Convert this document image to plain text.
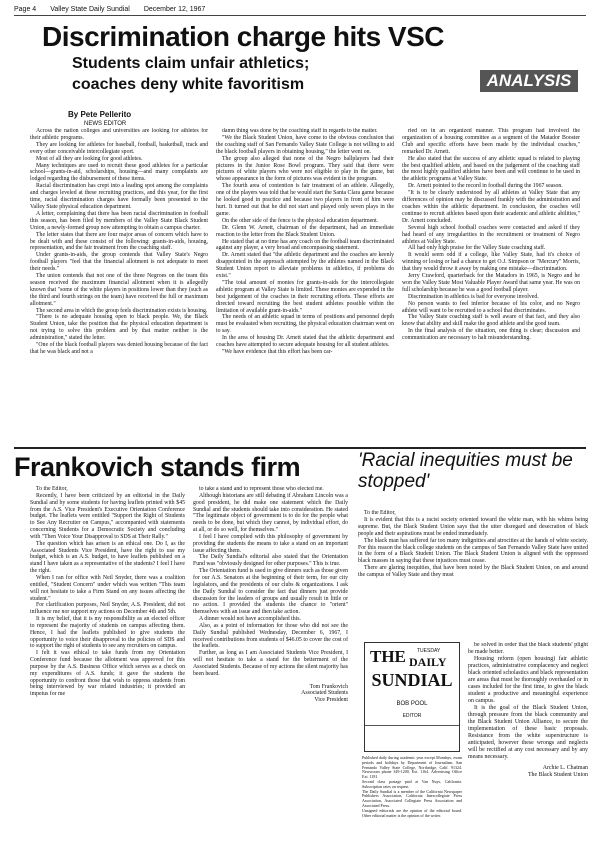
Page 4 Valley State Daily Sundial December 12, 1967
Discrimination charge hits VSC
Students claim unfair athletics;
coaches deny white favoritism	ANALYSIS
By Pete Pellerito
NEWS EDITOR

Across the nation colleges and universities are looking for athletes for their athletic programs.

They are looking for athletes for baseball, football, basketball, track and every other conceivable intercollegiate sport.

Most of all they are looking for good athletes.

Many techniques are used to recruit these good athletes for a particular school—grants-in-aid, scholarships, housing—and many complaints are lodged regarding the disbursement of these items.

Racial discrimination has crept into a leading spot among the complaints and charges leveled at these recruiting practices, and this year, for the first time, racial discrimination charges have formally been presented to the Valley State physical education department.

A letter, complaining that there has been racial discrimination in football this season, has been filed by members of the Valley State Black Student Union, a newly-formed group now attempting to obtain a campus charter.

The letter states that there are four major areas of concern which have to be dealt with and these consist of the following: grants-in-aids, housing, representation, and the fair treatment from the coaching staff.

Under grants-in-aids, the group contends that Valley State's Negro football players "feel that the financial allotment is not adequate to meet their needs."

The union contends that not one of the three Negroes on the team this season received the maximum financial allotment when it is allegedly known that "some of the white players in positions lower than they (such as the third and fourth strings on the team) have received the full or maximum allotment."

The second area in which the group feels discrimination exists is housing.

"There is no adequate housing open to black people. We, the Black Student Union, take the position that the physical education department is not trying to solve this problem and by that matter neither is the administration," stated the letter.

"One of the black football players was denied housing because of the fact that he was black and not a

damn thing was done by the coaching staff in regards to the matter.

"We the Black Student Union, have come to the obvious conclusion that the coaching staff of San Fernando Valley State College is not willing to aid the black football players in obtaining housing," the letter went on.

The group also alleged that none of the Negro ballplayers had their pictures in the Junior Rose Bowl program. They said that there were pictures of white players who were not eligible to play in the game, but whose appearance in the form of pictures was evident in the program.

The fourth area of contention is fair treatment of an athlete. Allegedly, one of the players was told that he would start the Santa Clara game because he looked good in practice and because two players in front of him were hurt. It turned out that he did not start and played only seven plays in the game.

On the other side of the fence is the physical education department.

Dr. Glenn W. Arnett, chairman of the department, had an immediate reaction to the letter from the Black Student Union.

He stated that at no time has any coach on the football team discriminated against any player, a very broad and encompassing statement.

Dr. Arnett stated that "the athletic department and the coaches are keenly disappointed in the approach attempted by the athletes named in the Black Student Union report to alleviate problems in athletics, if problems do exist."

"The total amount of monies for grants-in-aids for the intercollegiate athletic program at Valley State is limited. These monies are expended in the best judgement of the coaches in their recruiting efforts. These efforts are directed toward recruiting the best student athletes possible within the limitation of available grant-in-aids."

The needs of an athletic squad in terms of positions and personnel depth must be evaluated when recruiting, the physical education chairman went on to say.

In the area of housing Dr. Arnett stated that the athletic department and coaches have attempted to secure adequate housing for all student athletes.

"We have evidence that this effort has been car-

ried on in an organized manner. This program had involved the organization of a housing committee as a segment of the Matador Booster Club and specific efforts have been made by the individual coaches," remarked Dr. Arnett.

He also stated that the success of any athletic squad is related to playing the best qualified athlete, and based on the judgement of the coaching staff the most highly qualified athletes have been and will continue to be used in the athletic programs at Valley State.

Dr. Arnett pointed to the record in football during the 1967 season.

"It is to be clearly understood by all athletes at Valley State that any differences of opinion may be discussed frankly with the administration and coaches within the athletic department. In conclusion, the coaches will continue to recruit athletes based upon their academic and athletic abilities," Dr. Arnett concluded.

Several high school football coaches were contacted and asked if they had heard of any irregularities in the recruitment or treatment of Negro athletes at Valley State.

All had only high praise for the Valley State coaching staff.

It would seem odd if a college, like Valley State, had it's choice of winning or losing or had a chance to get O.J. Simpson or "Mercury" Morris, that they would throw it away by making one mistake—discrimination.

Jerry Crawford, quarterback for the Matadors in 1965, is Negro and he won the Valley State Most Valuable Player Award that same year. He was on full scholarship because he was a good football player.

Discrimination in athletics is bad for everyone involved.

No person wants to feel inferior because of his color, and no Negro athlete will want to be recruited to a school that discriminates.

The Valley State coaching staff is well aware of that fact, and they also know that ability and skill make the good athlete and the good team.

In the final analysis of the situation, one thing is clear; discussion and communication are necessary to halt misunderstanding.

Frankovich stands firm	'Racial inequities must be stopped'

To the Editor,

Recently, I have been criticized by an editorial in the Daily Sundial and by some students for having leaflets printed with $45 from the A.S. Vice President's Executive Orientation Conference budget. The leaflets were entitled "Support the Right of Students to See Any Recruiter on Campus," accompanied with statements concerning Students for a Democratic Society and concluding with "Then Voice Your Disapproval to SDS at Their Rally."

The question which has arisen is an ethical one. Do I, as the Associated Students Vice President, have the right to use my budget, which is an A.S. budget, to have leaflets published on a stand I have taken as a representative of the students? I feel I have the right.

When I ran for office with Neil Snyder, there was a coalition entitled, "Student Concern" under which was written "This team will not hesitate to take a Firm Stand on any issues affecting the student."

For clarification purposes, Neil Snyder, A.S. President, did not influence me nor support my actions on December 4th and 5th.

It is my belief, that it is my responsibility as an elected officer to represent the majority of students on campus affecting them. Hence, I had the leaflets published to give students the opportunity to voice their disapproval to the policies of SDS and to support the right of students to see any recruiters on campus.

I felt it was ethical to take funds from my Orientation Conference fund because the allotment was approved for this purpose by the A.S. Business Office which serves as a check on my expenditures of A.S. funds; it gave the students the opportunity to confront those that wish to oppress students from being interviewed by war related industries; it provided an impetus for me

to take a stand and to represent those who elected me.

Although historians are still debating if Abraham Lincoln was a good president, he did make one statement which the Daily Sundial and the students should take into consideration. He stated "The legitimate object of government is to do for the people what needs to be done, but which they cannot, by individual effort, do at all, or do so well, for themselves."

I feel I have complied with this philosophy of government by providing the students the means to take a stand on an important issue affecting them.

The Daily Sundial's editorial also stated that the Orientation Fund was "obviously designed for other purposes." This is true.

The Orientation fund is used to give dinners such as those given for our A.S. Senators at the beginning of their term, for our city legislators, and the presidents of our clubs & organizations. I ask the Daily Sundial to consider the fact that dinners just provide discussion for the leaders of groups and usually result in little or no action. I provided the students the chance to "orient" themselves with an issue and then take action.

A dinner would not have accomplished this.

Also, as a point of information for those who did not see the Daily Sundial published Wednesday, December 6, 1967, I received contributions from students of $46.05 to cover the cost of the leaflets.

Further, as long as I am Associated Students Vice President, I will not hesitate to take a stand for the betterment of the Associated Students. Because of my actions the silent majority has been heard.

Tom Frankovich

Associated Students

Vice President

To the Editor,

It is evident that this is a racist society oriented toward the white man, with his whims being supreme. But, the Black Student Union says that the utter disregard and desecration of black people and their aspirations must be ended immediately.

The black man has suffered far too many indignities and atrocities at the hands of white society. For this reason the black college students on the campus of San Fernando Valley State have united in the form of a Black Student Union. The Black Student Union is aligned with the oppressed black masses in saying that these injustices must cease.

There are glaring inequities, that have been noted by the Black Student Union, on and around the campus of Valley State and they must

THE TUESDAY
DAILY
SUNDIAL
BOB POOL
EDITOR

Published daily during academic year except Mondays, exam periods and holidays by Department of Journalism, San Fernando Valley State College, Northridge, Calif. 91324. Newsroom phone 349-1200, Ext. 1164. Advertising Office Ext. 1181.

Second class postage paid at Van Nuys, California. Subscription rates on request.

The Daily Sundial is a member of the California Newspaper Publishers Association, California Intercollegiate Press Association, Associated Collegiate Press Association and Associated Press.

Unsigned editorials are the opinion of the editorial board. Other editorial matter is the opinion of the writer.

be solved in order that the black students' plight be made better.

Housing reform (open housing) fair athletic practices, administrative complacency and neglect black oriented scholastics and black representation are areas that must be thoroughly overhauled or in cases included for the first time, to give the black student a productive and meaningful experience on campus.

It is the goal of the Black Student Union, through pressure from the black community and the Black Student Union Alliance, to secure the implementation of these basic proposals. Resistance from the white superstructure is anticipated, however these wrongs and neglects will be rectified at any cost necessary and by any means necessary.

Archie L. Chatman

The Black Student Union
